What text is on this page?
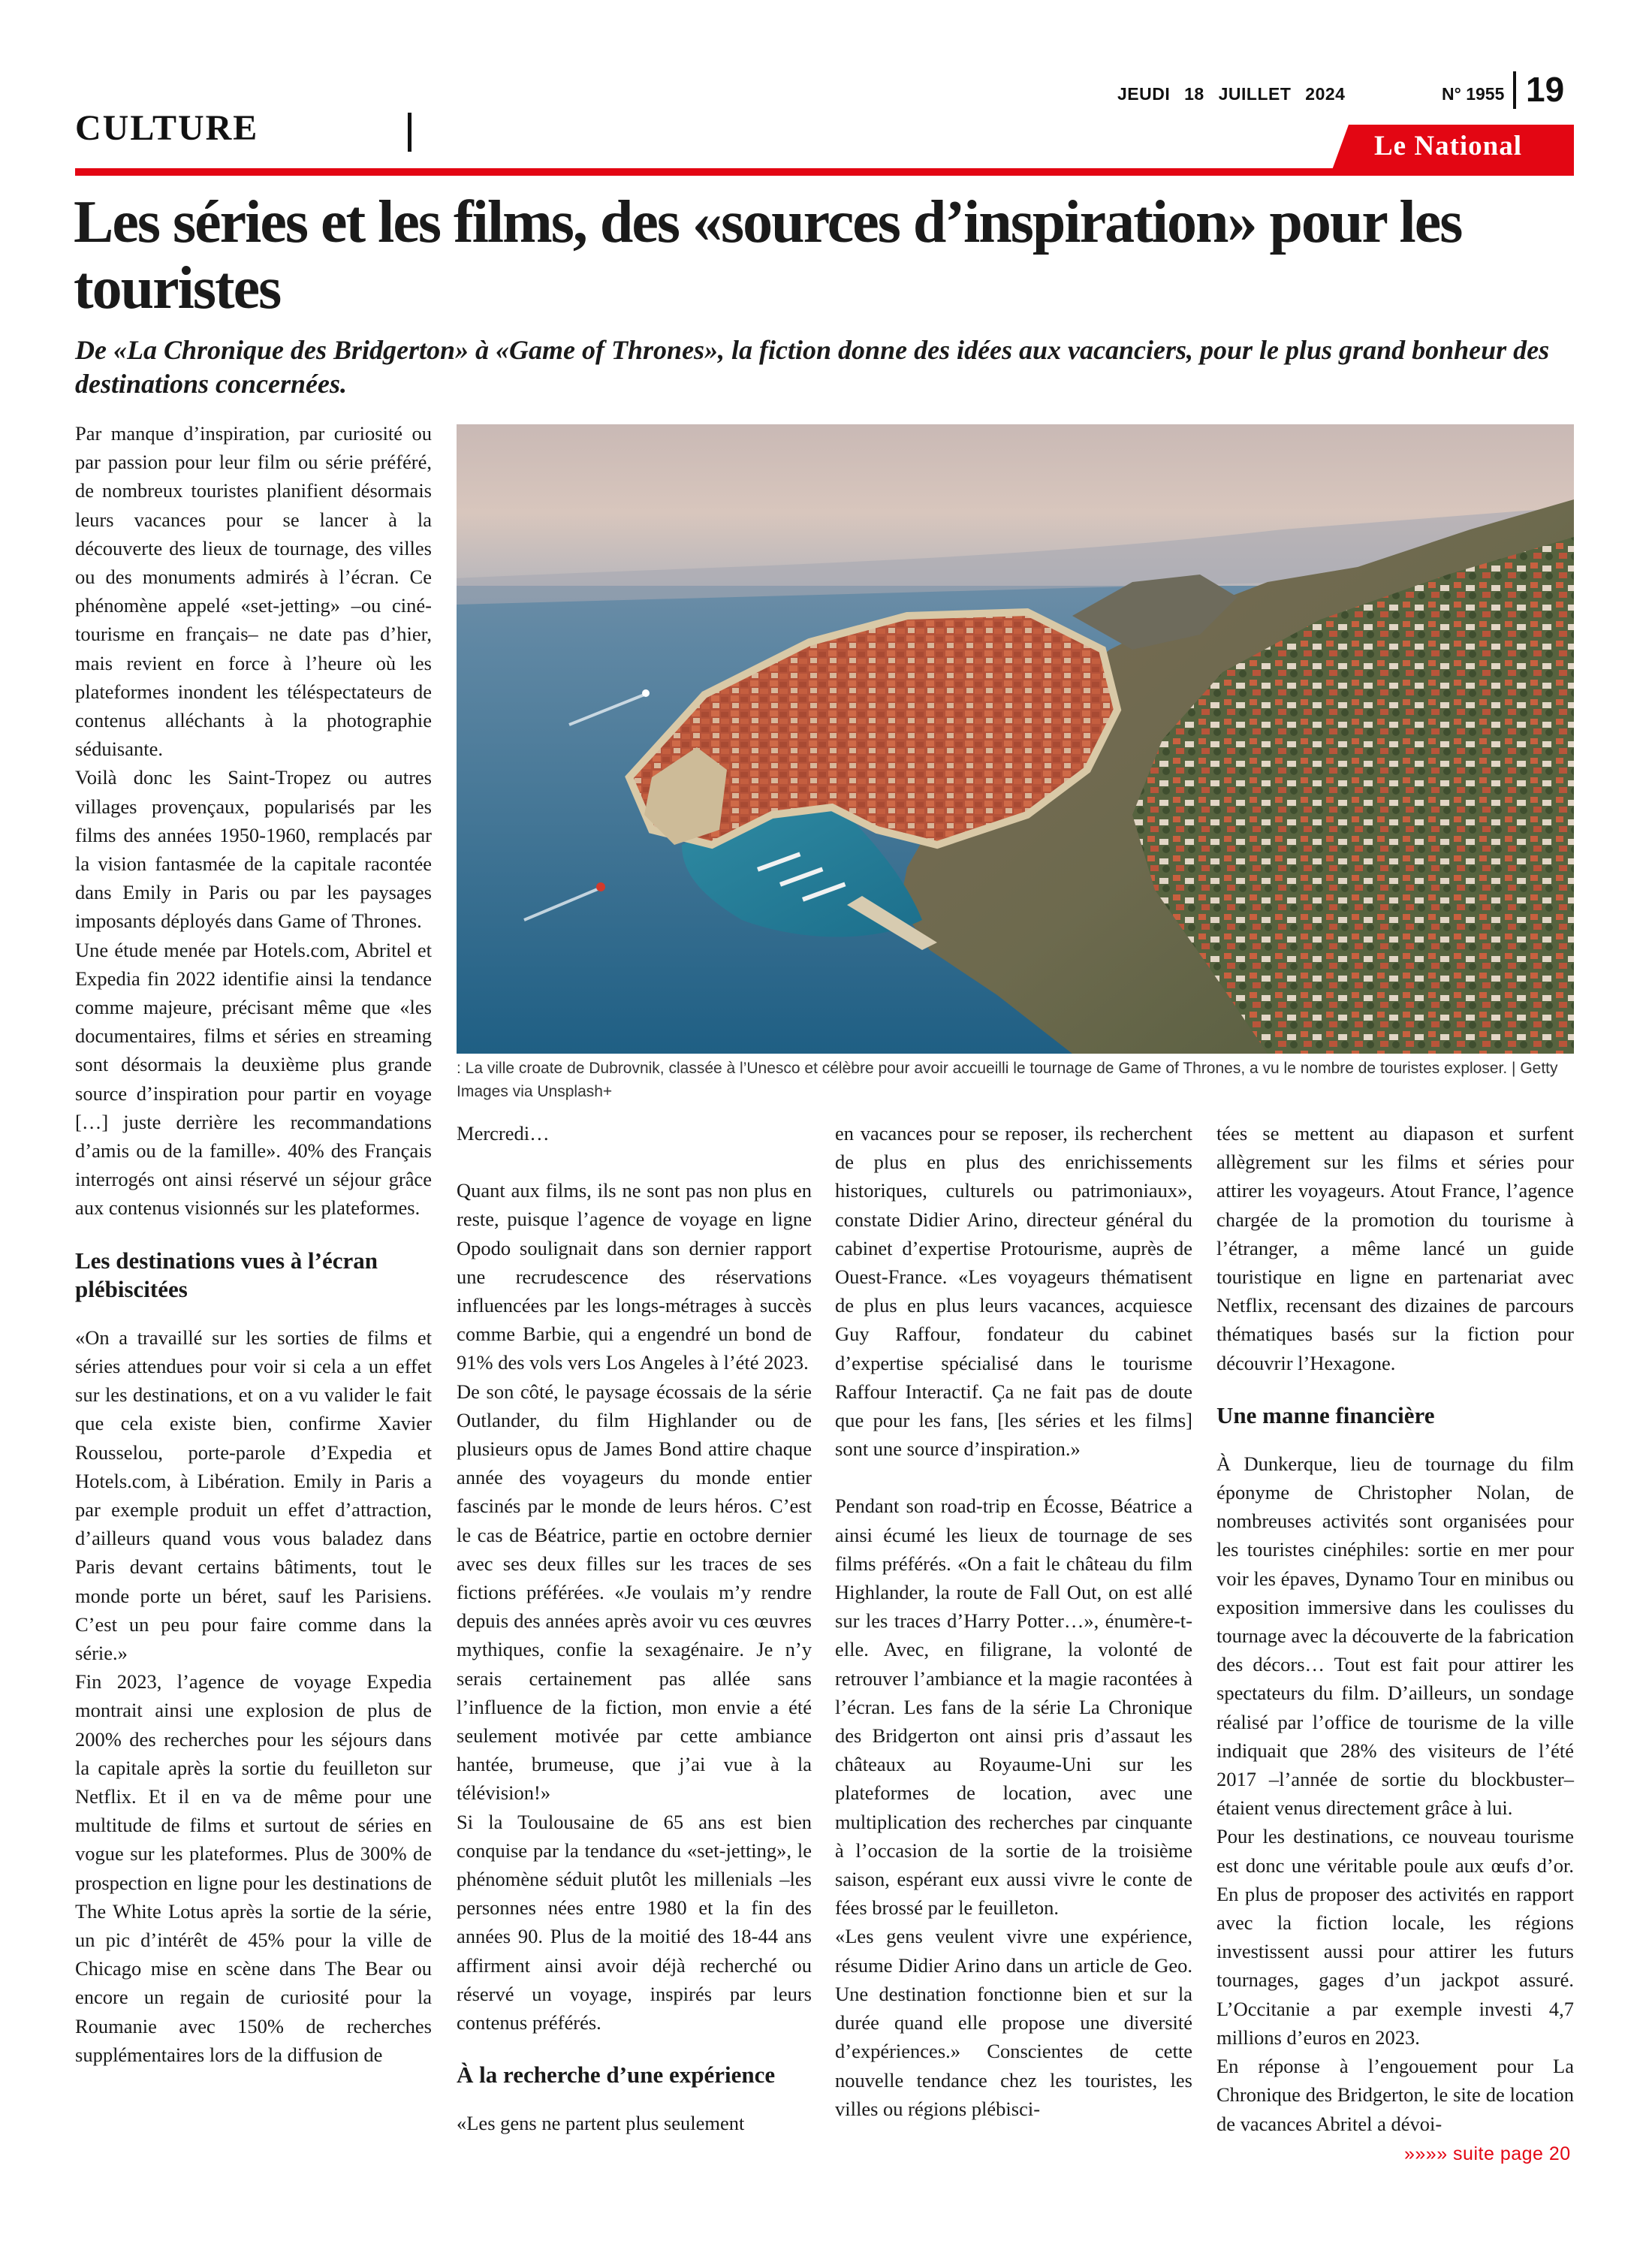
CULTURE
JEUDI 18 JUILLET 2024	N° 1955 19
Le National
Les séries et les films, des «sources d’inspiration» pour les touristes

De «La Chronique des Bridgerton» à «Game of Thrones», la fiction donne des idées aux vacanciers, pour le plus grand bonheur des destinations concernées.

: La ville croate de Dubrovnik, classée à l’Unesco et célèbre pour avoir accueilli le tournage de Game of Thrones, a vu le nombre de touristes exploser. | Getty Images via Unsplash+

Par manque d’inspiration, par curiosité ou par passion pour leur film ou série préféré, de nombreux touristes planifient désormais leurs vacances pour se lancer à la découverte des lieux de tournage, des villes ou des monuments admirés à l’écran. Ce phénomène appelé «set-jetting» –ou ciné-tourisme en français– ne date pas d’hier, mais revient en force à l’heure où les plateformes inondent les téléspectateurs de contenus alléchants à la photographie séduisante.

Voilà donc les Saint-Tropez ou autres villages provençaux, popularisés par les films des années 1950-1960, remplacés par la vision fantasmée de la capitale racontée dans Emily in Paris ou par les paysages imposants déployés dans Game of Thrones.

Une étude menée par Hotels.com, Abritel et Expedia fin 2022 identifie ainsi la tendance comme majeure, précisant même que «les documentaires, films et séries en streaming sont désormais la deuxième plus grande source d’inspiration pour partir en voyage […] juste derrière les recommandations d’amis ou de la famille». 40% des Français interrogés ont ainsi réservé un séjour grâce aux contenus visionnés sur les plateformes.

Les destinations vues à l’écran plébiscitées

«On a travaillé sur les sorties de films et séries attendues pour voir si cela a un effet sur les destinations, et on a vu valider le fait que cela existe bien, confirme Xavier Rousselou, porte-parole d’Expedia et Hotels.com, à Libération. Emily in Paris a par exemple produit un effet d’attraction, d’ailleurs quand vous vous baladez dans Paris devant certains bâtiments, tout le monde porte un béret, sauf les Parisiens. C’est un peu pour faire comme dans la série.»

Fin 2023, l’agence de voyage Expedia montrait ainsi une explosion de plus de 200% des recherches pour les séjours dans la capitale après la sortie du feuilleton sur Netflix. Et il en va de même pour une multitude de films et surtout de séries en vogue sur les plateformes. Plus de 300% de prospection en ligne pour les destinations de The White Lotus après la sortie de la série, un pic d’intérêt de 45% pour la ville de Chicago mise en scène dans The Bear ou encore un regain de curiosité pour la Roumanie avec 150% de recherches supplémentaires lors de la diffusion de

Mercredi…

Quant aux films, ils ne sont pas non plus en reste, puisque l’agence de voyage en ligne Opodo soulignait dans son dernier rapport une recrudescence des réservations influencées par les longs-métrages à succès comme Barbie, qui a engendré un bond de 91% des vols vers Los Angeles à l’été 2023.

De son côté, le paysage écossais de la série Outlander, du film Highlander ou de plusieurs opus de James Bond attire chaque année des voyageurs du monde entier fascinés par le monde de leurs héros. C’est le cas de Béatrice, partie en octobre dernier avec ses deux filles sur les traces de ses fictions préférées. «Je voulais m’y rendre depuis des années après avoir vu ces œuvres mythiques, confie la sexagénaire. Je n’y serais certainement pas allée sans l’influence de la fiction, mon envie a été seulement motivée par cette ambiance hantée, brumeuse, que j’ai vue à la télévision!»

Si la Toulousaine de 65 ans est bien conquise par la tendance du «set-jetting», le phénomène séduit plutôt les millenials –les personnes nées entre 1980 et la fin des années 90. Plus de la moitié des 18-44 ans affirment ainsi avoir déjà recherché ou réservé un voyage, inspirés par leurs contenus préférés.

À la recherche d’une expérience

«Les gens ne partent plus seulement

en vacances pour se reposer, ils recherchent de plus en plus des enrichissements historiques, culturels ou patrimoniaux», constate Didier Arino, directeur général du cabinet d’expertise Protourisme, auprès de Ouest-France. «Les voyageurs thématisent de plus en plus leurs vacances, acquiesce Guy Raffour, fondateur du cabinet d’expertise spécialisé dans le tourisme Raffour Interactif. Ça ne fait pas de doute que pour les fans, [les séries et les films] sont une source d’inspiration.»

Pendant son road-trip en Écosse, Béatrice a ainsi écumé les lieux de tournage de ses films préférés. «On a fait le château du film Highlander, la route de Fall Out, on est allé sur les traces d’Harry Potter…», énumère-t-elle. Avec, en filigrane, la volonté de retrouver l’ambiance et la magie racontées à l’écran. Les fans de la série La Chronique des Bridgerton ont ainsi pris d’assaut les châteaux au Royaume-Uni sur les plateformes de location, avec une multiplication des recherches par cinquante à l’occasion de la sortie de la troisième saison, espérant eux aussi vivre le conte de fées brossé par le feuilleton.

«Les gens veulent vivre une expérience, résume Didier Arino dans un article de Geo. Une destination fonctionne bien et sur la durée quand elle propose une diversité d’expériences.» Conscientes de cette nouvelle tendance chez les touristes, les villes ou régions plébisci-

tées se mettent au diapason et surfent allègrement sur les films et séries pour attirer les voyageurs. Atout France, l’agence chargée de la promotion du tourisme à l’étranger, a même lancé un guide touristique en ligne en partenariat avec Netflix, recensant des dizaines de parcours thématiques basés sur la fiction pour découvrir l’Hexagone.

Une manne financière

À Dunkerque, lieu de tournage du film éponyme de Christopher Nolan, de nombreuses activités sont organisées pour les touristes cinéphiles: sortie en mer pour voir les épaves, Dynamo Tour en minibus ou exposition immersive dans les coulisses du tournage avec la découverte de la fabrication des décors… Tout est fait pour attirer les spectateurs du film. D’ailleurs, un sondage réalisé par l’office de tourisme de la ville indiquait que 28% des visiteurs de l’été 2017 –l’année de sortie du blockbuster– étaient venus directement grâce à lui.

Pour les destinations, ce nouveau tourisme est donc une véritable poule aux œufs d’or. En plus de proposer des activités en rapport avec la fiction locale, les régions investissent aussi pour attirer les futurs tournages, gages d’un jackpot assuré. L’Occitanie a par exemple investi 4,7 millions d’euros en 2023.

En réponse à l’engouement pour La Chronique des Bridgerton, le site de location de vacances Abritel a dévoi-

»»»» suite page 20
